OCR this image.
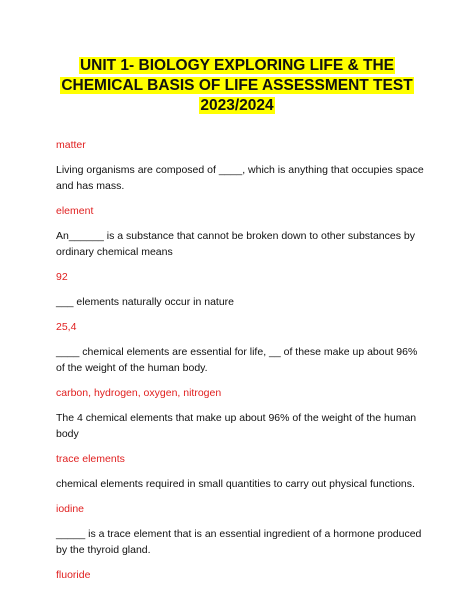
UNIT 1- BIOLOGY EXPLORING LIFE & THE
CHEMICAL BASIS OF LIFE ASSESSMENT TEST
2023/2024

matter

Living organisms are composed of ____, which is anything that occupies space and has mass.

element

An______ is a substance that cannot be broken down to other substances by ordinary chemical means

92

___ elements naturally occur in nature

25,4

____ chemical elements are essential for life, __ of these make up about 96% of the weight of the human body.

carbon, hydrogen, oxygen, nitrogen

The 4 chemical elements that make up about 96% of the weight of the human body

trace elements

chemical elements required in small quantities to carry out physical functions.

iodine

_____ is a trace element that is an essential ingredient of a hormone produced by the thyroid gland.

fluoride
